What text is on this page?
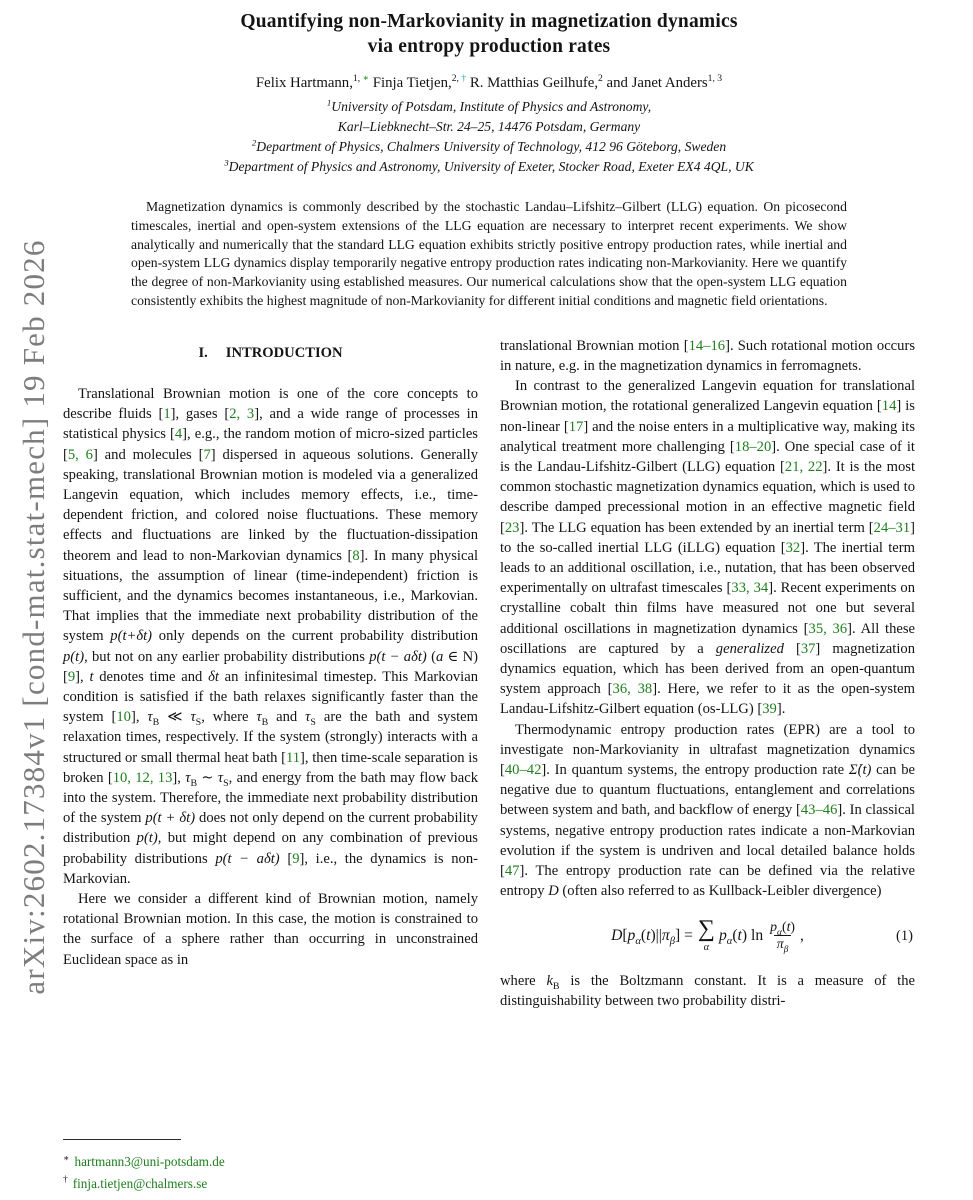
arXiv:2602.17384v1 [cond-mat.stat-mech] 19 Feb 2026
Quantifying non-Markovianity in magnetization dynamics
via entropy production rates
Felix Hartmann,$^{1,}$ ∗ Finja Tietjen,$^{2,}$ † R. Matthias Geilhufe,$^2$ and Janet Anders$^{1, 3}$
$^1$University of Potsdam, Institute of Physics and Astronomy,
Karl–Liebknecht–Str. 24–25, 14476 Potsdam, Germany
$^2$Department of Physics, Chalmers University of Technology, 412 96 Göteborg, Sweden
$^3$Department of Physics and Astronomy, University of Exeter, Stocker Road, Exeter EX4 4QL, UK
Magnetization dynamics is commonly described by the stochastic Landau–Lifshitz–Gilbert (LLG) equation. On picosecond timescales, inertial and open-system extensions of the LLG equation are necessary to interpret recent experiments. We show analytically and numerically that the standard LLG equation exhibits strictly positive entropy production rates, while inertial and open-system LLG dynamics display temporarily negative entropy production rates indicating non-Markovianity. Here we quantify the degree of non-Markovianity using established measures. Our numerical calculations show that the open-system LLG equation consistently exhibits the highest magnitude of non-Markovianity for different initial conditions and magnetic field orientations.
I. INTRODUCTION

Translational Brownian motion is one of the core concepts to describe fluids [1], gases [2, 3], and a wide range of processes in statistical physics [4], e.g., the random motion of micro-sized particles [5, 6] and molecules [7] dispersed in aqueous solutions. Generally speaking, translational Brownian motion is modeled via a generalized Langevin equation, which includes memory effects, i.e., time-dependent friction, and colored noise fluctuations. These memory effects and fluctuations are linked by the fluctuation-dissipation theorem and lead to non-Markovian dynamics [8]. In many physical situations, the assumption of linear (time-independent) friction is sufficient, and the dynamics becomes instantaneous, i.e., Markovian. That implies that the immediate next probability distribution of the system p(t+δt) only depends on the current probability distribution p(t), but not on any earlier probability distributions p(t − aδt) (a ∈ N) [9], t denotes time and δt an infinitesimal timestep. This Markovian condition is satisfied if the bath relaxes significantly faster than the system [10], $\tau_B$ ≪ $\tau_S$, where $\tau_B$ and $\tau_S$ are the bath and system relaxation times, respectively. If the system (strongly) interacts with a structured or small thermal heat bath [11], then time-scale separation is broken [10, 12, 13], $\tau_B$ ∼ $\tau_S$, and energy from the bath may flow back into the system. Therefore, the immediate next probability distribution of the system p(t + δt) does not only depend on the current probability distribution p(t), but might depend on any combination of previous probability distributions p(t − aδt) [9], i.e., the dynamics is non-Markovian.

Here we consider a different kind of Brownian motion, namely rotational Brownian motion. In this case, the motion is constrained to the surface of a sphere rather than occurring in unconstrained Euclidean space as in

translational Brownian motion [14–16]. Such rotational motion occurs in nature, e.g. in the magnetization dynamics in ferromagnets.

In contrast to the generalized Langevin equation for translational Brownian motion, the rotational generalized Langevin equation [14] is non-linear [17] and the noise enters in a multiplicative way, making its analytical treatment more challenging [18–20]. One special case of it is the Landau-Lifshitz-Gilbert (LLG) equation [21, 22]. It is the most common stochastic magnetization dynamics equation, which is used to describe damped precessional motion in an effective magnetic field [23]. The LLG equation has been extended by an inertial term [24–31] to the so-called inertial LLG (iLLG) equation [32]. The inertial term leads to an additional oscillation, i.e., nutation, that has been observed experimentally on ultrafast timescales [33, 34]. Recent experiments on crystalline cobalt thin films have measured not one but several additional oscillations in magnetization dynamics [35, 36]. All these oscillations are captured by a generalized [37] magnetization dynamics equation, which has been derived from an open-quantum system approach [36, 38]. Here, we refer to it as the open-system Landau-Lifshitz-Gilbert equation (os-LLG) [39].

Thermodynamic entropy production rates (EPR) are a tool to investigate non-Markovianity in ultrafast magnetization dynamics [40–42]. In quantum systems, the entropy production rate Σ̇(t) can be negative due to quantum fluctuations, entanglement and correlations between system and bath, and backflow of energy [43–46]. In classical systems, negative entropy production rates indicate a non-Markovian evolution if the system is undriven and local detailed balance holds [47]. The entropy production rate can be defined via the relative entropy D (often also referred to as Kullback-Leibler divergence)

$D[p_\alpha(t)||\pi_\beta]$ = ∑
α
$p_\alpha(t)$ $\ln \frac{p_\alpha(t)}{\pi_\beta}$ ,	(1)

where $k_B$ is the Boltzmann constant. It is a measure of the distinguishability between two probability distri-

∗ hartmann3@uni-potsdam.de
† finja.tietjen@chalmers.se
